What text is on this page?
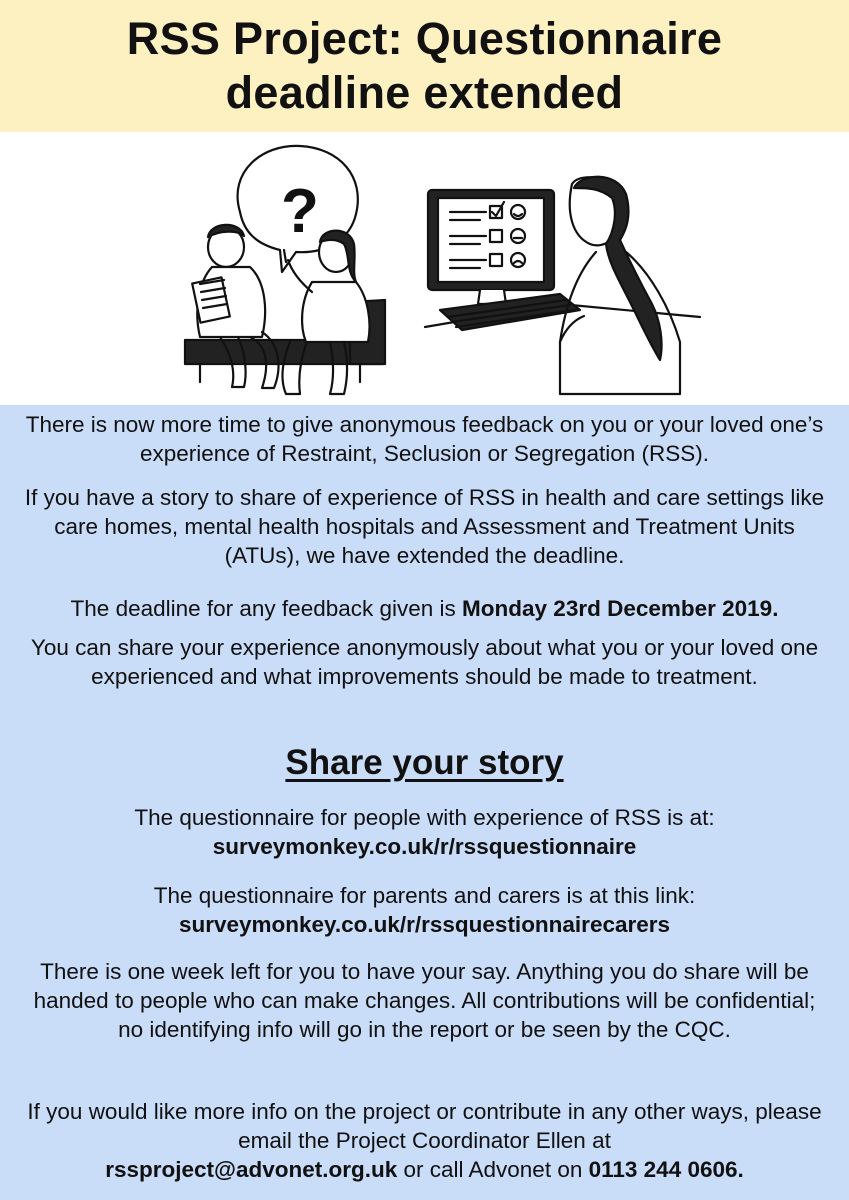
RSS Project: Questionnaire
deadline extended
?

There is now more time to give anonymous feedback on you or your loved one’s experience of Restraint, Seclusion or Segregation (RSS).

If you have a story to share of experience of RSS in health and care settings like care homes, mental health hospitals and Assessment and Treatment Units (ATUs), we have extended the deadline.

The deadline for any feedback given is Monday 23rd December 2019.

You can share your experience anonymously about what you or your loved one experienced and what improvements should be made to treatment.

Share your story

The questionnaire for people with experience of RSS is at:
surveymonkey.co.uk/r/rssquestionnaire

The questionnaire for parents and carers is at this link:
surveymonkey.co.uk/r/rssquestionnairecarers

There is one week left for you to have your say. Anything you do share will be handed to people who can make changes. All contributions will be confidential; no identifying info will go in the report or be seen by the CQC.

If you would like more info on the project or contribute in any other ways, please email the Project Coordinator Ellen at
rssproject@advonet.org.uk or call Advonet on 0113 244 0606.
